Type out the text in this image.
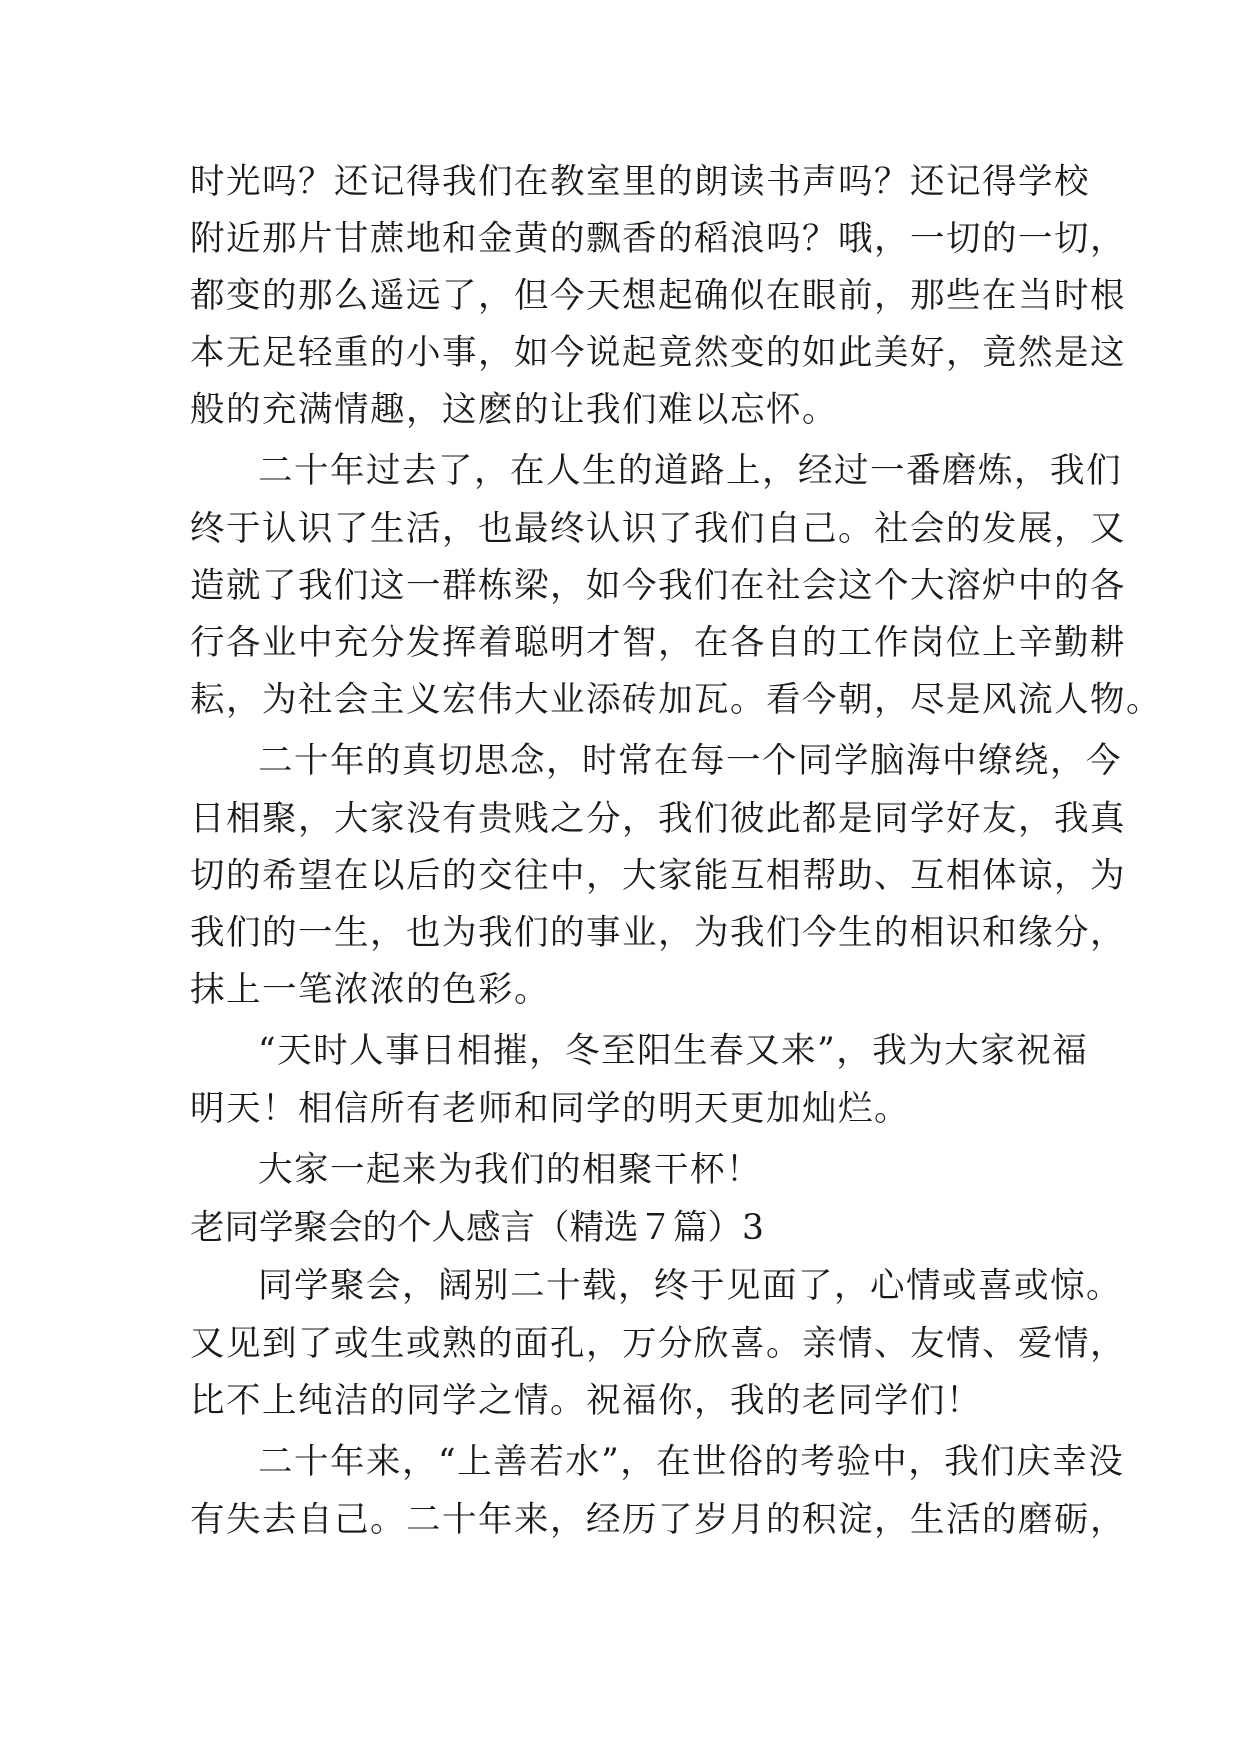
时光吗？还记得我们在教室里的朗读书声吗？还记得学校
附近那片甘蔗地和金黄的飘香的稻浪吗？哦，一切的一切，
都变的那么遥远了，但今天想起确似在眼前，那些在当时根
本无足轻重的小事，如今说起竟然变的如此美好，竟然是这
般的充满情趣，这麽的让我们难以忘怀。
二十年过去了，在人生的道路上，经过一番磨炼，我们
终于认识了生活，也最终认识了我们自己。社会的发展，又
造就了我们这一群栋梁，如今我们在社会这个大溶炉中的各
行各业中充分发挥着聪明才智，在各自的工作岗位上辛勤耕
耘，为社会主义宏伟大业添砖加瓦。看今朝，尽是风流人物。
二十年的真切思念，时常在每一个同学脑海中缭绕，今
日相聚，大家没有贵贱之分，我们彼此都是同学好友，我真
切的希望在以后的交往中，大家能互相帮助、互相体谅，为
我们的一生，也为我们的事业，为我们今生的相识和缘分，
抹上一笔浓浓的色彩。
“天时人事日相摧，冬至阳生春又来”，我为大家祝福
明天！相信所有老师和同学的明天更加灿烂。
大家一起来为我们的相聚干杯！
老同学聚会的个人感言（精选７篇）3
同学聚会，阔别二十载，终于见面了，心情或喜或惊。
又见到了或生或熟的面孔，万分欣喜。亲情、友情、爱情，
比不上纯洁的同学之情。祝福你，我的老同学们！
二十年来，“上善若水”，在世俗的考验中，我们庆幸没
有失去自己。二十年来，经历了岁月的积淀，生活的磨砺，
